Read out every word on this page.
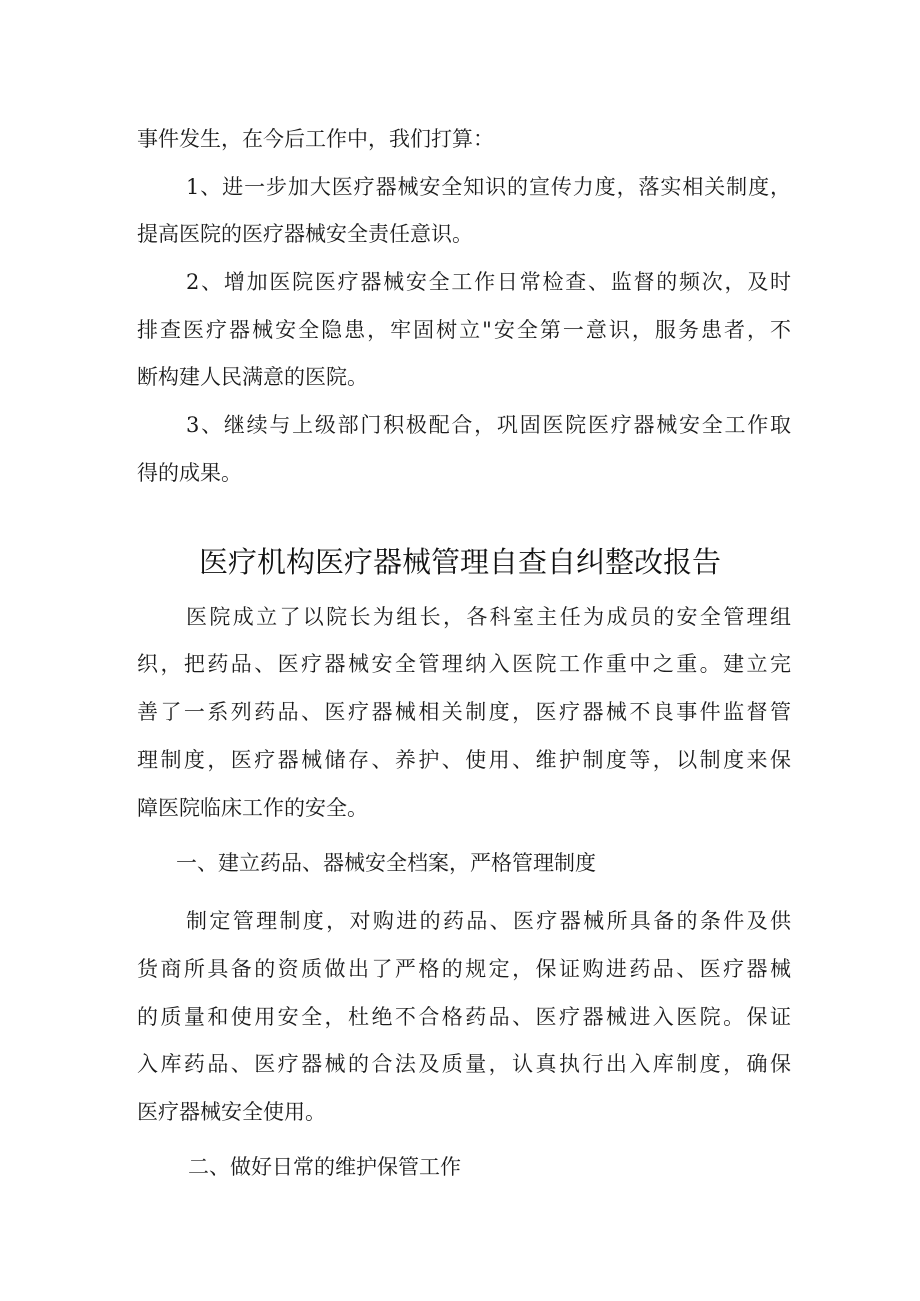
事件发生，在今后工作中，我们打算：

1、进一步加大医疗器械安全知识的宣传力度，落实相关制度，

提高医院的医疗器械安全责任意识。

2、增加医院医疗器械安全工作日常检查、监督的频次，及时

排查医疗器械安全隐患，牢固树立"安全第一意识，服务患者，不

断构建人民满意的医院。

3、继续与上级部门积极配合，巩固医院医疗器械安全工作取

得的成果。

医疗机构医疗器械管理自查自纠整改报告

医院成立了以院长为组长，各科室主任为成员的安全管理组

织，把药品、医疗器械安全管理纳入医院工作重中之重。建立完

善了一系列药品、医疗器械相关制度，医疗器械不良事件监督管

理制度，医疗器械储存、养护、使用、维护制度等，以制度来保

障医院临床工作的安全。

一、建立药品、器械安全档案，严格管理制度

制定管理制度，对购进的药品、医疗器械所具备的条件及供

货商所具备的资质做出了严格的规定，保证购进药品、医疗器械

的质量和使用安全，杜绝不合格药品、医疗器械进入医院。保证

入库药品、医疗器械的合法及质量，认真执行出入库制度，确保

医疗器械安全使用。

二、做好日常的维护保管工作
